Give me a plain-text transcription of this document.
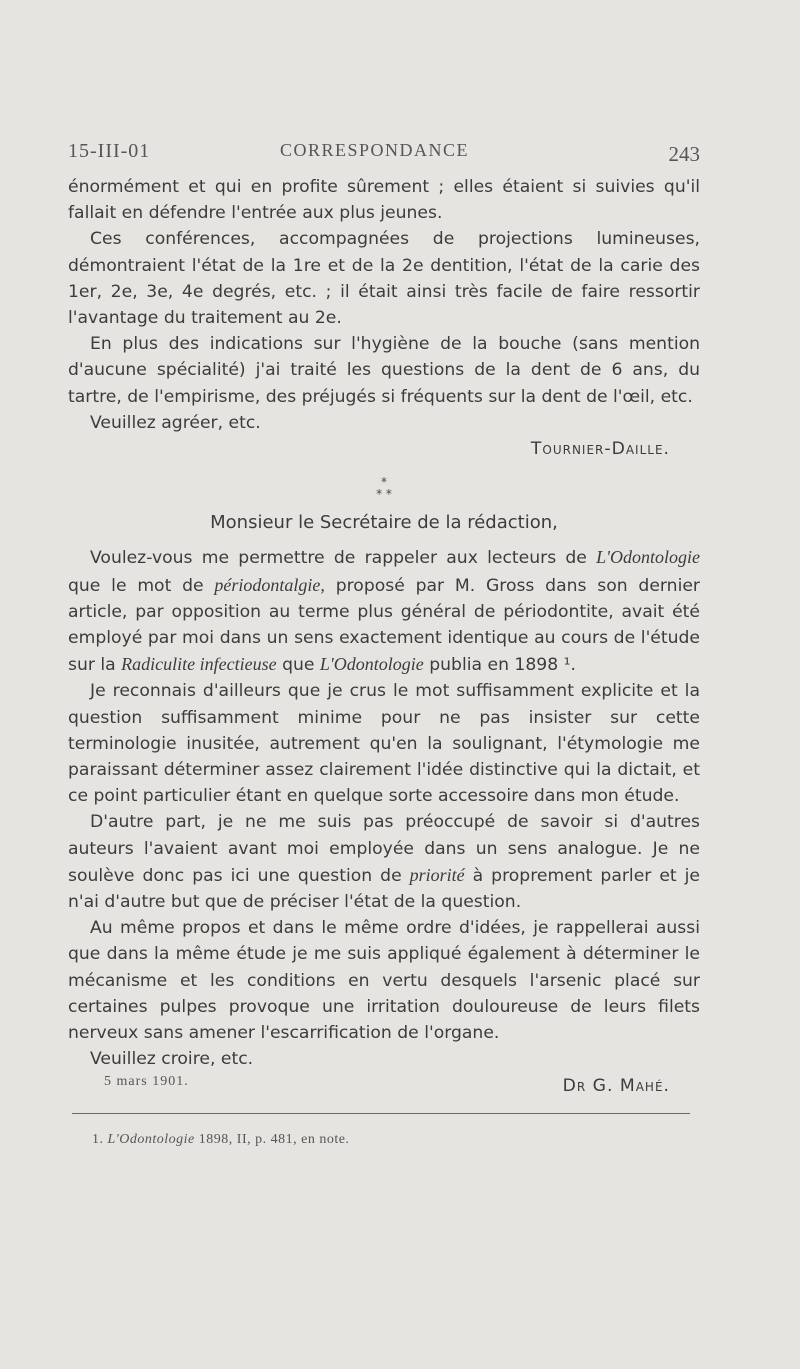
15-III-01	CORRESPONDANCE	243

énormément et qui en profite sûrement ; elles étaient si suivies qu'il fallait en défendre l'entrée aux plus jeunes.

Ces conférences, accompagnées de projections lumineuses, démontraient l'état de la 1re et de la 2e dentition, l'état de la carie des 1er, 2e, 3e, 4e degrés, etc. ; il était ainsi très facile de faire ressortir l'avantage du traitement au 2e.

En plus des indications sur l'hygiène de la bouche (sans mention d'aucune spécialité) j'ai traité les questions de la dent de 6 ans, du tartre, de l'empirisme, des préjugés si fréquents sur la dent de l'œil, etc.

Veuillez agréer, etc.

Tournier-Daille.

*
* *

Monsieur le Secrétaire de la rédaction,

Voulez-vous me permettre de rappeler aux lecteurs de L'Odontologie que le mot de périodontalgie, proposé par M. Gross dans son dernier article, par opposition au terme plus général de périodontite, avait été employé par moi dans un sens exactement identique au cours de l'étude sur la Radiculite infectieuse que L'Odontologie publia en 1898 ¹.

Je reconnais d'ailleurs que je crus le mot suffisamment explicite et la question suffisamment minime pour ne pas insister sur cette terminologie inusitée, autrement qu'en la soulignant, l'étymologie me paraissant déterminer assez clairement l'idée distinctive qui la dictait, et ce point particulier étant en quelque sorte accessoire dans mon étude.

D'autre part, je ne me suis pas préoccupé de savoir si d'autres auteurs l'avaient avant moi employée dans un sens analogue. Je ne soulève donc pas ici une question de priorité à proprement parler et je n'ai d'autre but que de préciser l'état de la question.

Au même propos et dans le même ordre d'idées, je rappellerai aussi que dans la même étude je me suis appliqué également à déterminer le mécanisme et les conditions en vertu desquels l'arsenic placé sur certaines pulpes provoque une irritation douloureuse de leurs filets nerveux sans amener l'escarrification de l'organe.

Veuillez croire, etc.

Dr G. Mahé.

5 mars 1901.
1. L'Odontologie 1898, II, p. 481, en note.
